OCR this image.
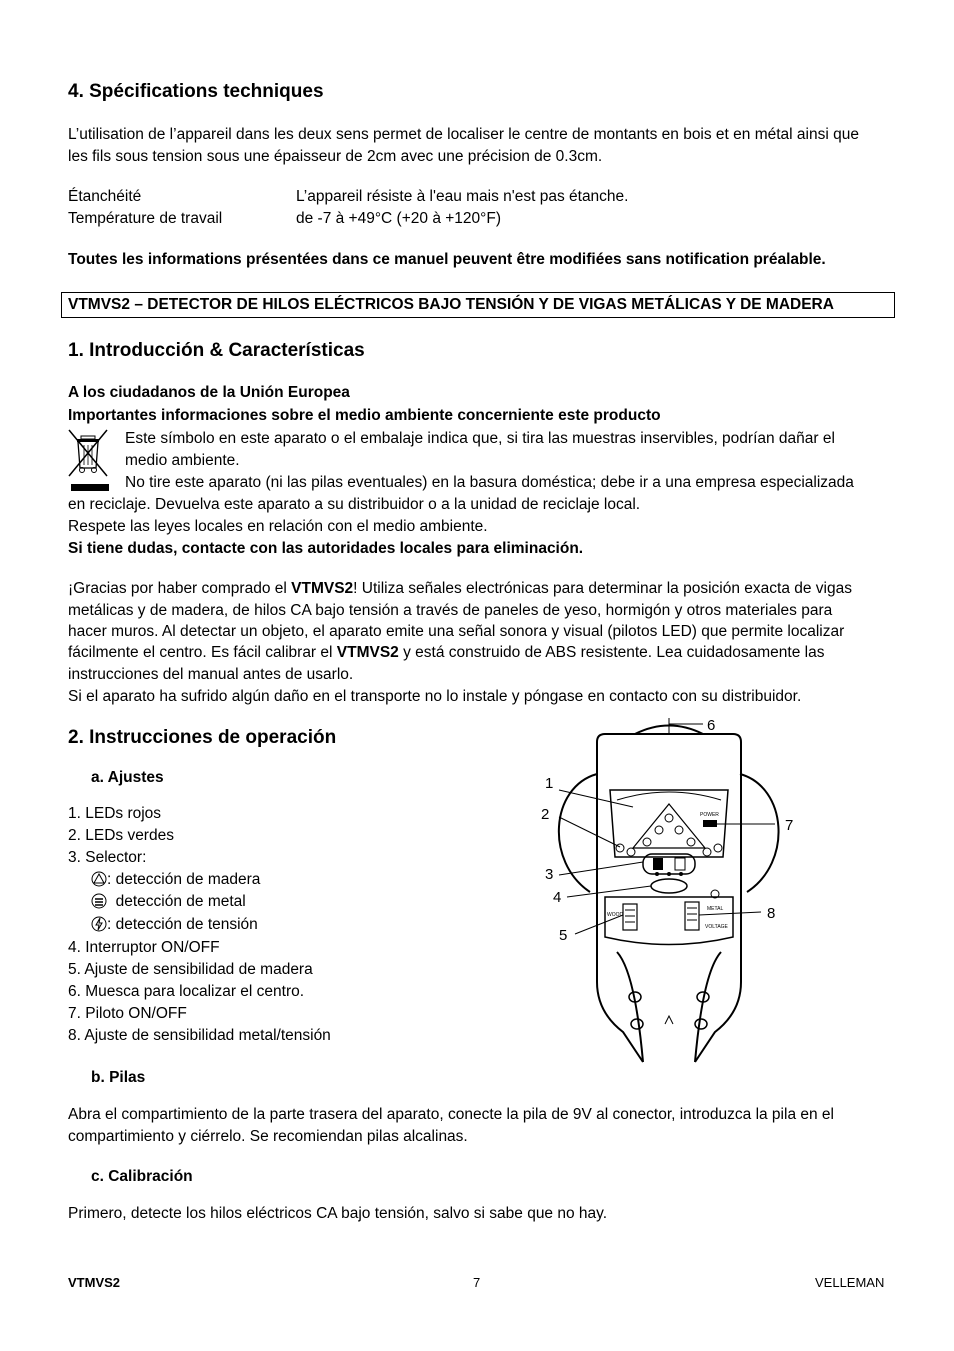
4. Spécifications techniques
L’utilisation de l’appareil dans les deux sens permet de localiser le centre de montants en bois et en métal ainsi que
les fils sous tension sous une épaisseur de 2cm avec une précision de 0.3cm.
Étanchéité	L’appareil résiste à l'eau mais n'est pas étanche.
Température de travail	de -7 à +49°C (+20 à +120°F)
Toutes les informations présentées dans ce manuel peuvent être modifiées sans notification préalable.
VTMVS2 – DETECTOR DE HILOS ELÉCTRICOS BAJO TENSIÓN Y DE VIGAS METÁLICAS Y DE MADERA
1. Introducción & Características
A los ciudadanos de la Unión Europea
Importantes informaciones sobre el medio ambiente concerniente este producto
Este símbolo en este aparato o el embalaje indica que, si tira las muestras inservibles, podrían dañar el
medio ambiente.
No tire este aparato (ni las pilas eventuales) en la basura doméstica; debe ir a una empresa especializada
en reciclaje. Devuelva este aparato a su distribuidor o a la unidad de reciclaje local.
Respete las leyes locales en relación con el medio ambiente.
Si tiene dudas, contacte con las autoridades locales para eliminación.
¡Gracias por haber comprado el VTMVS2! Utiliza señales electrónicas para determinar la posición exacta de vigas
metálicas y de madera, de hilos CA bajo tensión a través de paneles de yeso, hormigón y otros materiales para
hacer muros. Al detectar un objeto, el aparato emite una señal sonora y visual (pilotos LED) que permite localizar
fácilmente el centro. Es fácil calibrar el VTMVS2 y está construido de ABS resistente. Lea cuidadosamente las
instrucciones del manual antes de usarlo.
Si el aparato ha sufrido algún daño en el transporte no lo instale y póngase en contacto con su distribuidor.
2. Instrucciones de operación
a. Ajustes
1. LEDs rojos
2. LEDs verdes
3. Selector:
: detección de madera
detección de metal
: detección de tensión
4. Interruptor ON/OFF
5. Ajuste de sensibilidad de madera
6. Muesca para localizar el centro.
7. Piloto ON/OFF
8. Ajuste de sensibilidad metal/tensión
POWER
METAL
VOLTAGE
WOOD
1
2
3
4
5
6
7
8
b. Pilas
Abra el compartimiento de la parte trasera del aparato, conecte la pila de 9V al conector, introduzca la pila en el
compartimiento y ciérrelo. Se recomiendan pilas alcalinas.
c. Calibración
Primero, detecte los hilos eléctricos CA bajo tensión, salvo si sabe que no hay.
VTMVS2	7	VELLEMAN
